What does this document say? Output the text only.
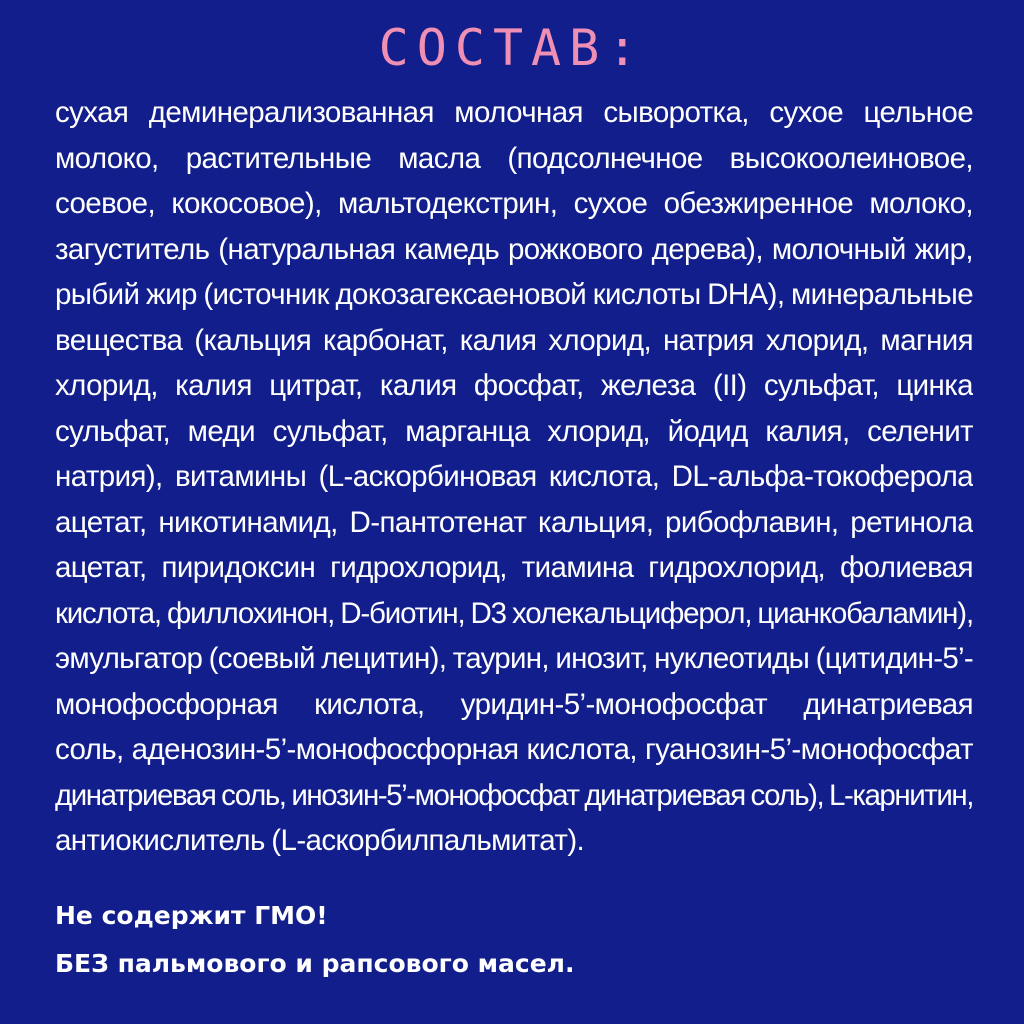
СОСТАВ:
сухая деминерализованная молочная сыворотка, сухое цельное
молоко, растительные масла (подсолнечное высокоолеиновое,
соевое, кокосовое), мальтодекстрин, сухое обезжиренное молоко,
загуститель (натуральная камедь рожкового дерева), молочный жир,
рыбий жир (источник докозагексаеновой кислоты DHA), минеральные
вещества (кальция карбонат, калия хлорид, натрия хлорид, магния
хлорид, калия цитрат, калия фосфат, железа (II) сульфат, цинка
сульфат, меди сульфат, марганца хлорид, йодид калия, селенит
натрия), витамины (L-аскорбиновая кислота, DL-альфа-токоферола
ацетат, никотинамид, D-пантотенат кальция, рибофлавин, ретинола
ацетат, пиридоксин гидрохлорид, тиамина гидрохлорид, фолиевая
кислота, филлохинон, D-биотин, D3 холекальциферол, цианкобаламин),
эмульгатор (соевый лецитин), таурин, инозит, нуклеотиды (цитидин-5’-
монофосфорная кислота, уридин-5’-монофосфат динатриевая
соль, аденозин-5’-монофосфорная кислота, гуанозин-5’-монофосфат
динатриевая соль, инозин-5’-монофосфат динатриевая соль), L-карнитин,
антиокислитель (L-аскорбилпальмитат).
Не содержит ГМО!
БЕЗ пальмового и рапсового масел.
